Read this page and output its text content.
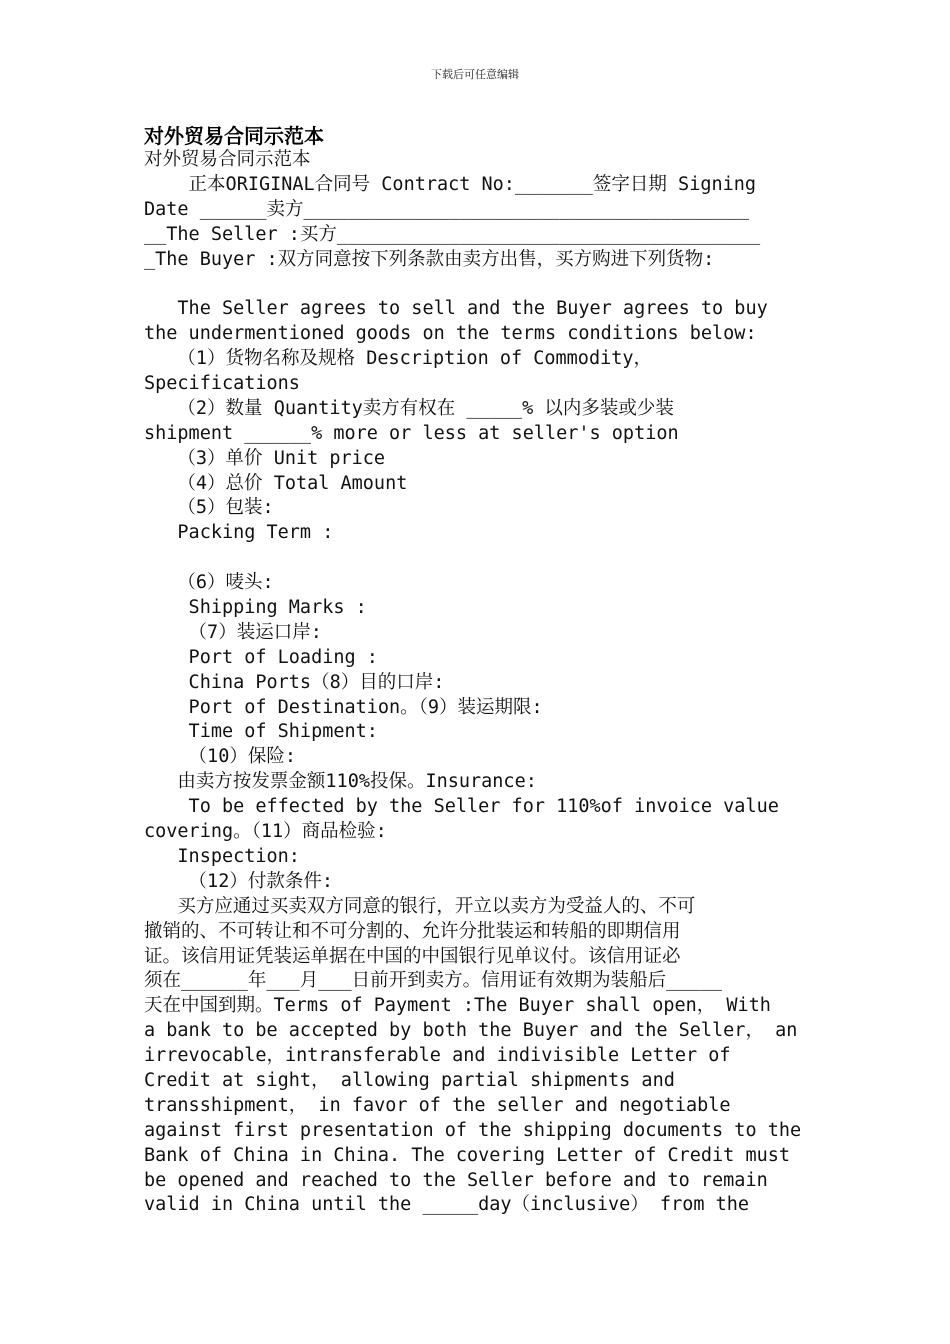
下载后可任意编辑
对外贸易合同示范本
对外贸易合同示范本
正本ORIGINAL合同号 Contract No:_______签字日期 Signing
Date ______卖方________________________________________
__The Seller :买方______________________________________
_The Buyer :双方同意按下列条款由卖方出售，买方购进下列货物:
The Seller agrees to sell and the Buyer agrees to buy
the undermentioned goods on the terms conditions below:
（1）货物名称及规格 Description of Commodity，
Specifications
（2）数量 Quantity卖方有权在 _____% 以内多装或少装
shipment ______% more or less at seller's option
（3）单价 Unit price
（4）总价 Total Amount
（5）包装:
Packing Term :
（6）唛头:
Shipping Marks :
（7）装运口岸:
Port of Loading :
China Ports（8）目的口岸:
Port of Destination。（9）装运期限:
Time of Shipment:
（10）保险:
由卖方按发票金额110%投保。Insurance:
To be effected by the Seller for 110%of invoice value
covering。（11）商品检验:
Inspection:
（12）付款条件:
买方应通过买卖双方同意的银行，开立以卖方为受益人的、不可
撤销的、不可转让和不可分割的、允许分批装运和转船的即期信用
证。该信用证凭装运单据在中国的中国银行见单议付。该信用证必
须在______年___月___日前开到卖方。信用证有效期为装船后_____
天在中国到期。Terms of Payment :The Buyer shall open， With
a bank to be accepted by both the Buyer and the Seller， an
irrevocable，intransferable and indivisible Letter of
Credit at sight， allowing partial shipments and
transshipment， in favor of the seller and negotiable
against first presentation of the shipping documents to the
Bank of China in China. The covering Letter of Credit must
be opened and reached to the Seller before and to remain
valid in China until the _____day（inclusive） from the
